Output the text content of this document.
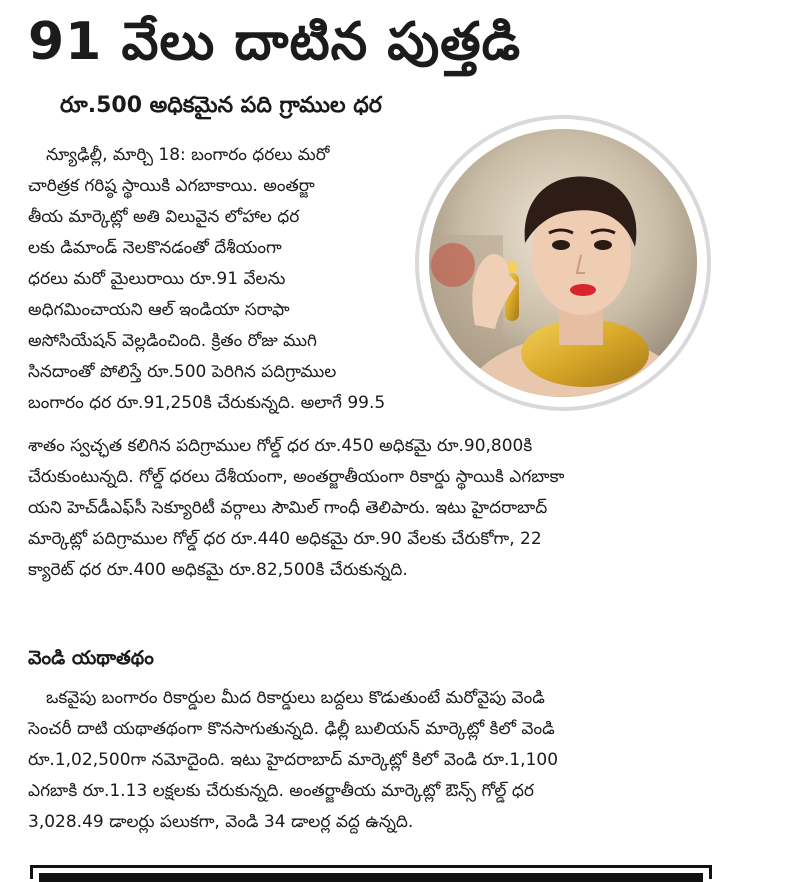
91 వేలు దాటిన పుత్తడి
రూ.500 అధికమైన పది గ్రాముల ధర

న్యూఢిల్లీ, మార్చి 18: బంగారం ధరలు మరో

చారిత్రక గరిష్ఠ స్థాయికి ఎగబాకాయి. అంతర్జా

తీయ మార్కెట్లో అతి విలువైన లోహాల ధర

లకు డిమాండ్ నెలకొనడంతో దేశీయంగా

ధరలు మరో మైలురాయి రూ.91 వేలను

అధిగమించాయని ఆల్ ఇండియా సరాఫా

అసోసియేషన్ వెల్లడించింది. క్రితం రోజు ముగి

సినదాంతో పోలిస్తే రూ.500 పెరిగిన పదిగ్రాముల

బంగారం ధర రూ.91,250కి చేరుకున్నది. అలాగే 99.5

శాతం స్వచ్ఛత కలిగిన పదిగ్రాముల గోల్డ్ ధర రూ.450 అధికమై రూ.90,800కి

చేరుకుంటున్నది. గోల్డ్ ధరలు దేశీయంగా, అంతర్జాతీయంగా రికార్డు స్థాయికి ఎగబాకా

యని హెచ్‌డీఎఫ్‌సీ సెక్యూరిటీ వర్గాలు సౌమిల్ గాంధీ తెలిపారు. ఇటు హైదరాబాద్

మార్కెట్లో పదిగ్రాముల గోల్డ్ ధర రూ.440 అధికమై రూ.90 వేలకు చేరుకోగా, 22

క్యారెట్ ధర రూ.400 అధికమై రూ.82,500కి చేరుకున్నది.

వెండి యథాతథం

ఒకవైపు బంగారం రికార్డుల మీద రికార్డులు బద్దలు కొడుతుంటే మరోవైపు వెండి

సెంచరీ దాటి యథాతథంగా కొనసాగుతున్నది. ఢిల్లీ బులియన్ మార్కెట్లో కిలో వెండి

రూ.1,02,500గా నమోదైంది. ఇటు హైదరాబాద్ మార్కెట్లో కిలో వెండి రూ.1,100

ఎగబాకి రూ.1.13 లక్షలకు చేరుకున్నది. అంతర్జాతీయ మార్కెట్లో ఔన్స్ గోల్డ్ ధర

3,028.49 డాలర్లు పలుకగా, వెండి 34 డాలర్ల వద్ద ఉన్నది.
